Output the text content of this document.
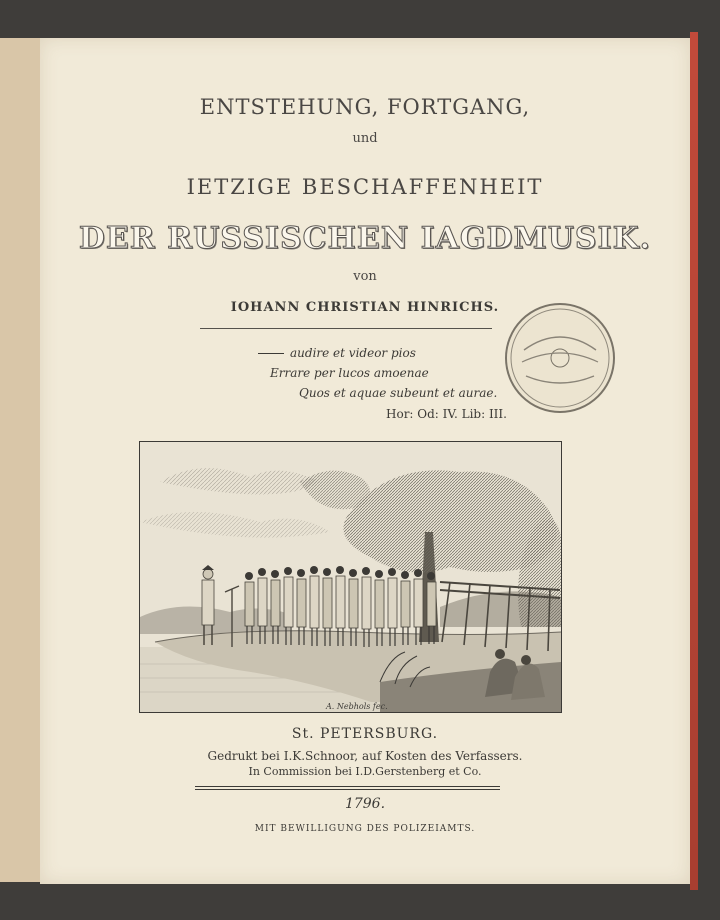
ENTSTEHUNG, FORTGANG,
und
IETZIGE BESCHAFFENHEIT
DER RUSSISCHEN IAGDMUSIK.
von
IOHANN CHRISTIAN HINRICHS.
audire et videor pios
Errare per lucos amoenae
Quos et aquae subeunt et aurae.
Hor: Od: IV. Lib: III.
A. Nebhols fec.
St. PETERSBURG.
Gedrukt bei I.K.Schnoor, auf Kosten des Verfassers.
In Commission bei I.D.Gerstenberg et Co.
1796.
MIT BEWILLIGUNG DES POLIZEIAMTS.
